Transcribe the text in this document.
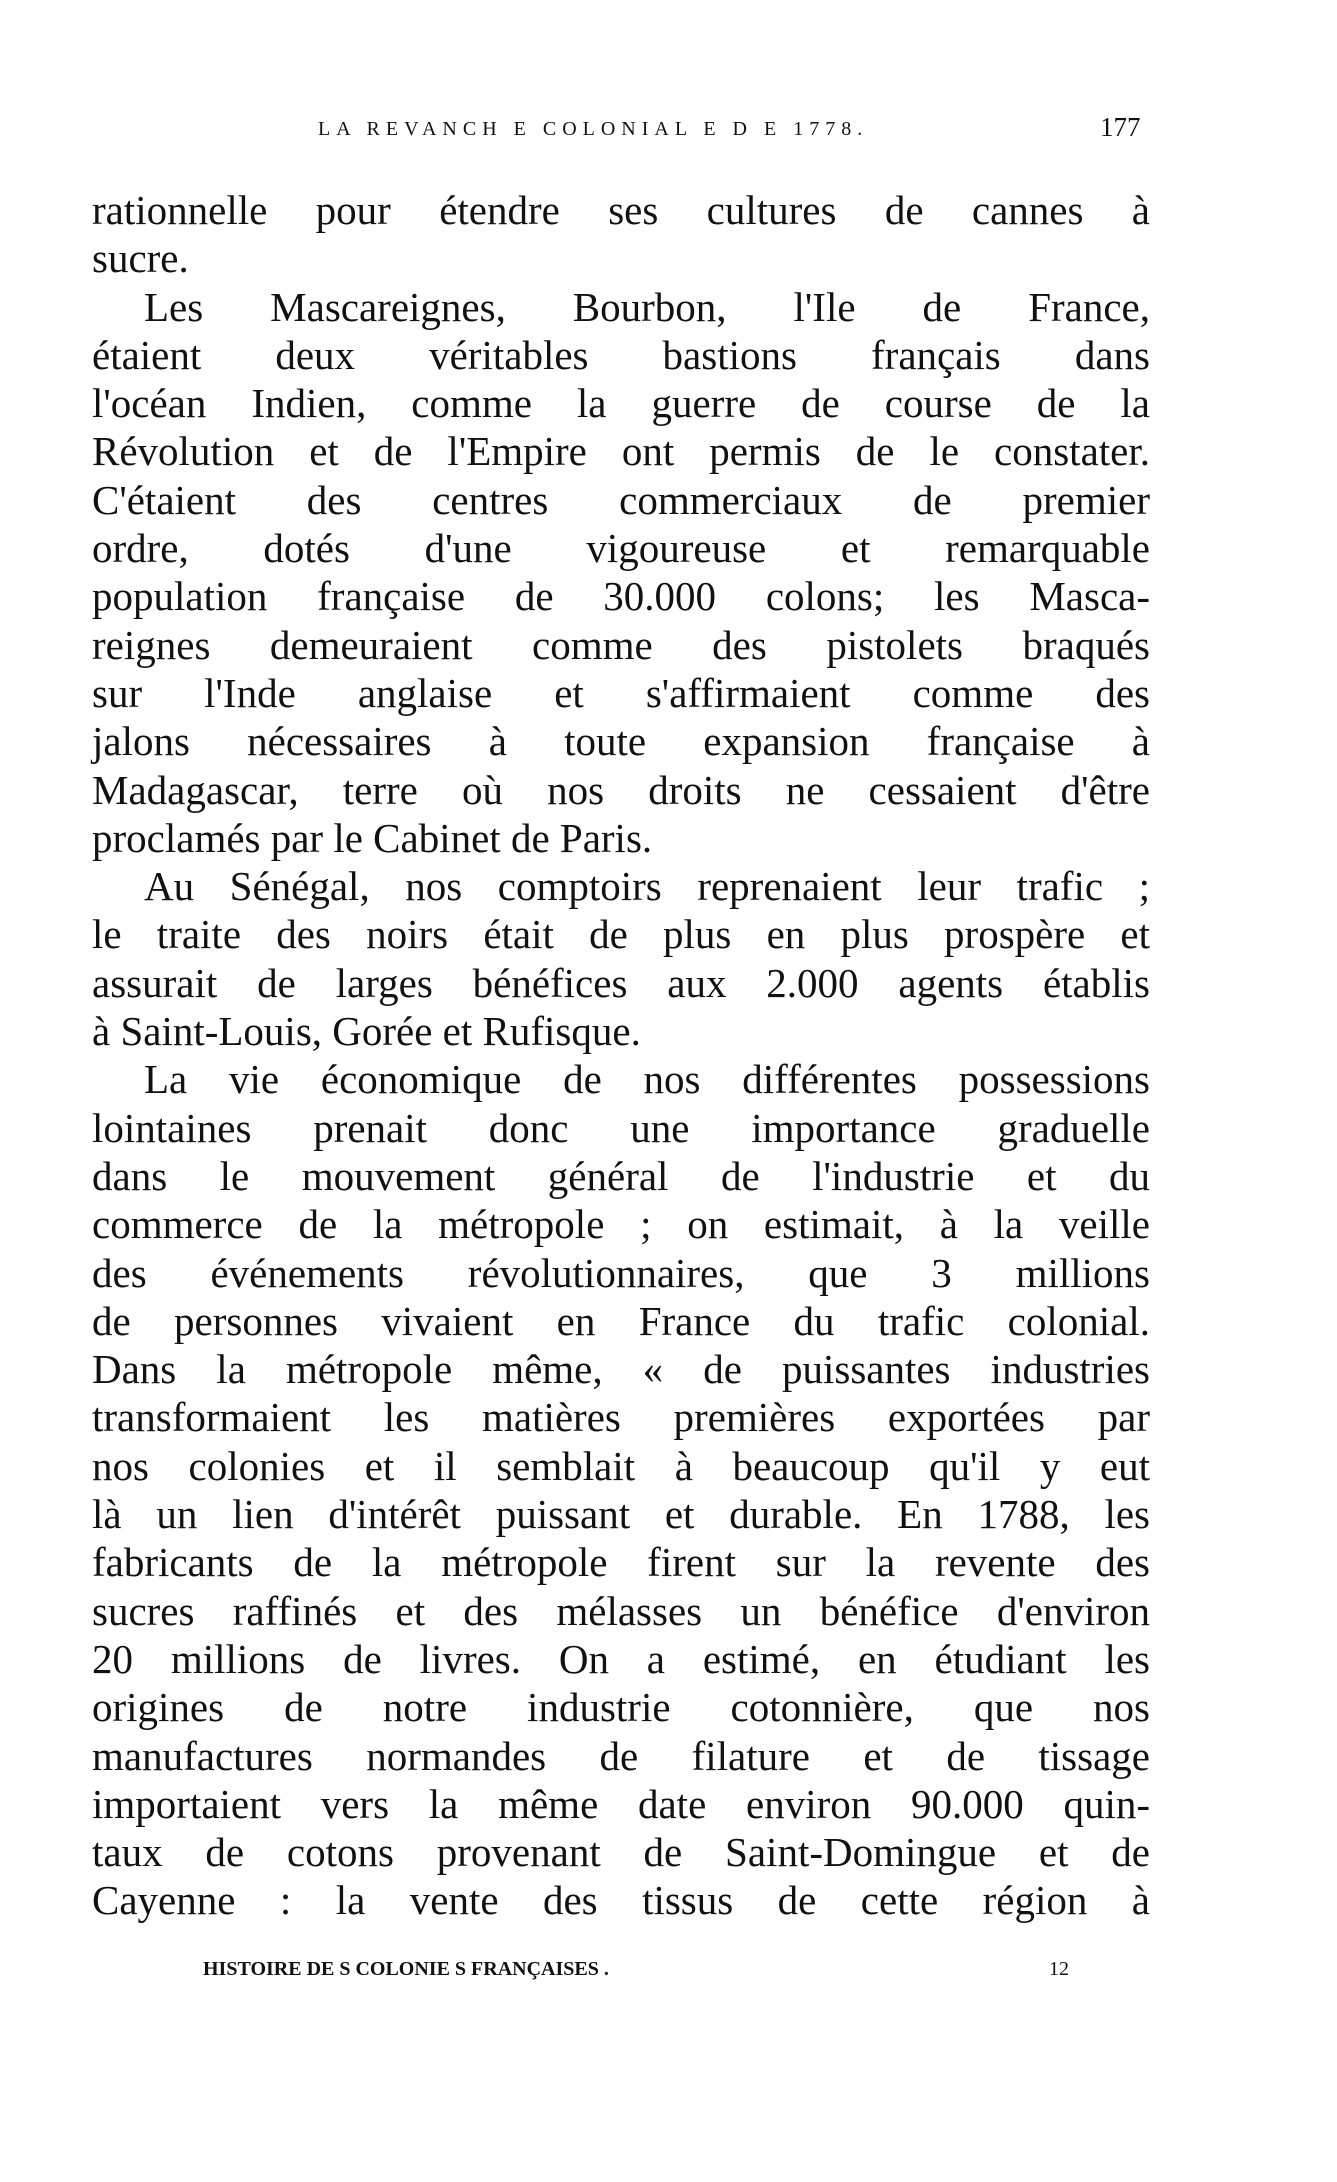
LA REVANCH E COLONIAL E D E 1778.	177
rationnelle pour étendre ses cultures de cannes à
sucre.
Les Mascareignes, Bourbon, l'Ile de France,
étaient deux véritables bastions français dans
l'océan Indien, comme la guerre de course de la
Révolution et de l'Empire ont permis de le constater.
C'étaient des centres commerciaux de premier
ordre, dotés d'une vigoureuse et remarquable
population française de 30.000 colons; les Masca-
reignes demeuraient comme des pistolets braqués
sur l'Inde anglaise et s'affirmaient comme des
jalons nécessaires à toute expansion française à
Madagascar, terre où nos droits ne cessaient d'être
proclamés par le Cabinet de Paris.
Au Sénégal, nos comptoirs reprenaient leur trafic ;
le traite des noirs était de plus en plus prospère et
assurait de larges bénéfices aux 2.000 agents établis
à Saint-Louis, Gorée et Rufisque.
La vie économique de nos différentes possessions
lointaines prenait donc une importance graduelle
dans le mouvement général de l'industrie et du
commerce de la métropole ; on estimait, à la veille
des événements révolutionnaires, que 3 millions
de personnes vivaient en France du trafic colonial.
Dans la métropole même, « de puissantes industries
transformaient les matières premières exportées par
nos colonies et il semblait à beaucoup qu'il y eut
là un lien d'intérêt puissant et durable. En 1788, les
fabricants de la métropole firent sur la revente des
sucres raffinés et des mélasses un bénéfice d'environ
20 millions de livres. On a estimé, en étudiant les
origines de notre industrie cotonnière, que nos
manufactures normandes de filature et de tissage
importaient vers la même date environ 90.000 quin-
taux de cotons provenant de Saint-Domingue et de
Cayenne : la vente des tissus de cette région à
HISTOIRE DE S COLONIE S FRANÇAISES .	12
